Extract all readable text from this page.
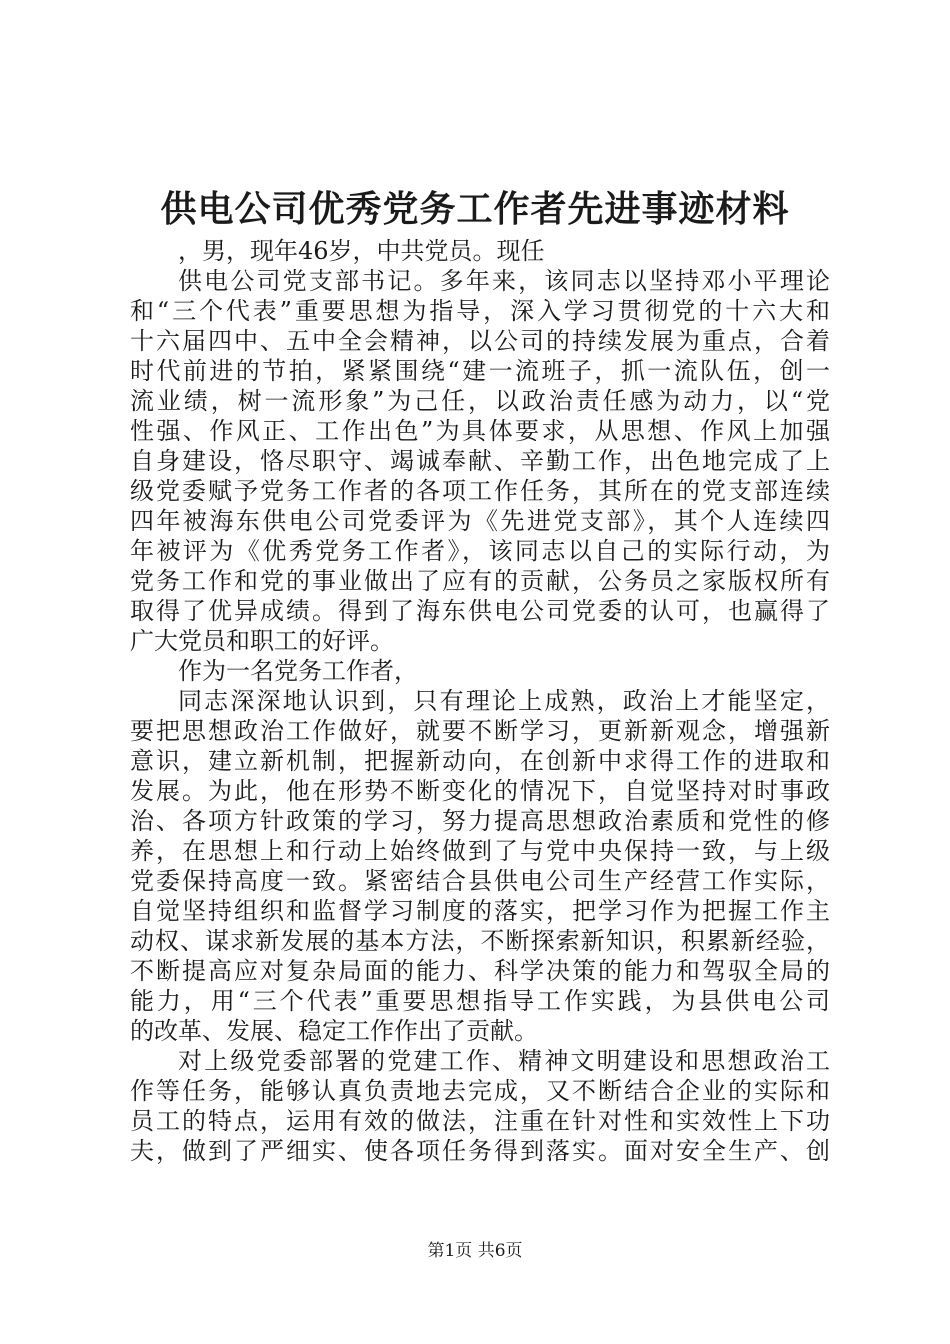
供电公司优秀党务工作者先进事迹材料
，男，现年46岁，中共党员。现任
供电公司党支部书记。多年来，该同志以坚持邓小平理论
和“三个代表”重要思想为指导，深入学习贯彻党的十六大和
十六届四中、五中全会精神，以公司的持续发展为重点，合着
时代前进的节拍，紧紧围绕“建一流班子，抓一流队伍，创一
流业绩，树一流形象”为己任，以政治责任感为动力，以“党
性强、作风正、工作出色”为具体要求，从思想、作风上加强
自身建设，恪尽职守、竭诚奉献、辛勤工作，出色地完成了上
级党委赋予党务工作者的各项工作任务，其所在的党支部连续
四年被海东供电公司党委评为《先进党支部》，其个人连续四
年被评为《优秀党务工作者》，该同志以自己的实际行动，为
党务工作和党的事业做出了应有的贡献，公务员之家版权所有
取得了优异成绩。得到了海东供电公司党委的认可，也赢得了
广大党员和职工的好评。
作为一名党务工作者，
同志深深地认识到，只有理论上成熟，政治上才能坚定，
要把思想政治工作做好，就要不断学习，更新新观念，增强新
意识，建立新机制，把握新动向，在创新中求得工作的进取和
发展。为此，他在形势不断变化的情况下，自觉坚持对时事政
治、各项方针政策的学习，努力提高思想政治素质和党性的修
养，在思想上和行动上始终做到了与党中央保持一致，与上级
党委保持高度一致。紧密结合县供电公司生产经营工作实际，
自觉坚持组织和监督学习制度的落实，把学习作为把握工作主
动权、谋求新发展的基本方法，不断探索新知识，积累新经验，
不断提高应对复杂局面的能力、科学决策的能力和驾驭全局的
能力，用“三个代表”重要思想指导工作实践，为县供电公司
的改革、发展、稳定工作作出了贡献。
对上级党委部署的党建工作、精神文明建设和思想政治工
作等任务，能够认真负责地去完成，又不断结合企业的实际和
员工的特点，运用有效的做法，注重在针对性和实效性上下功
夫，做到了严细实、使各项任务得到落实。面对安全生产、创
第1页 共6页
